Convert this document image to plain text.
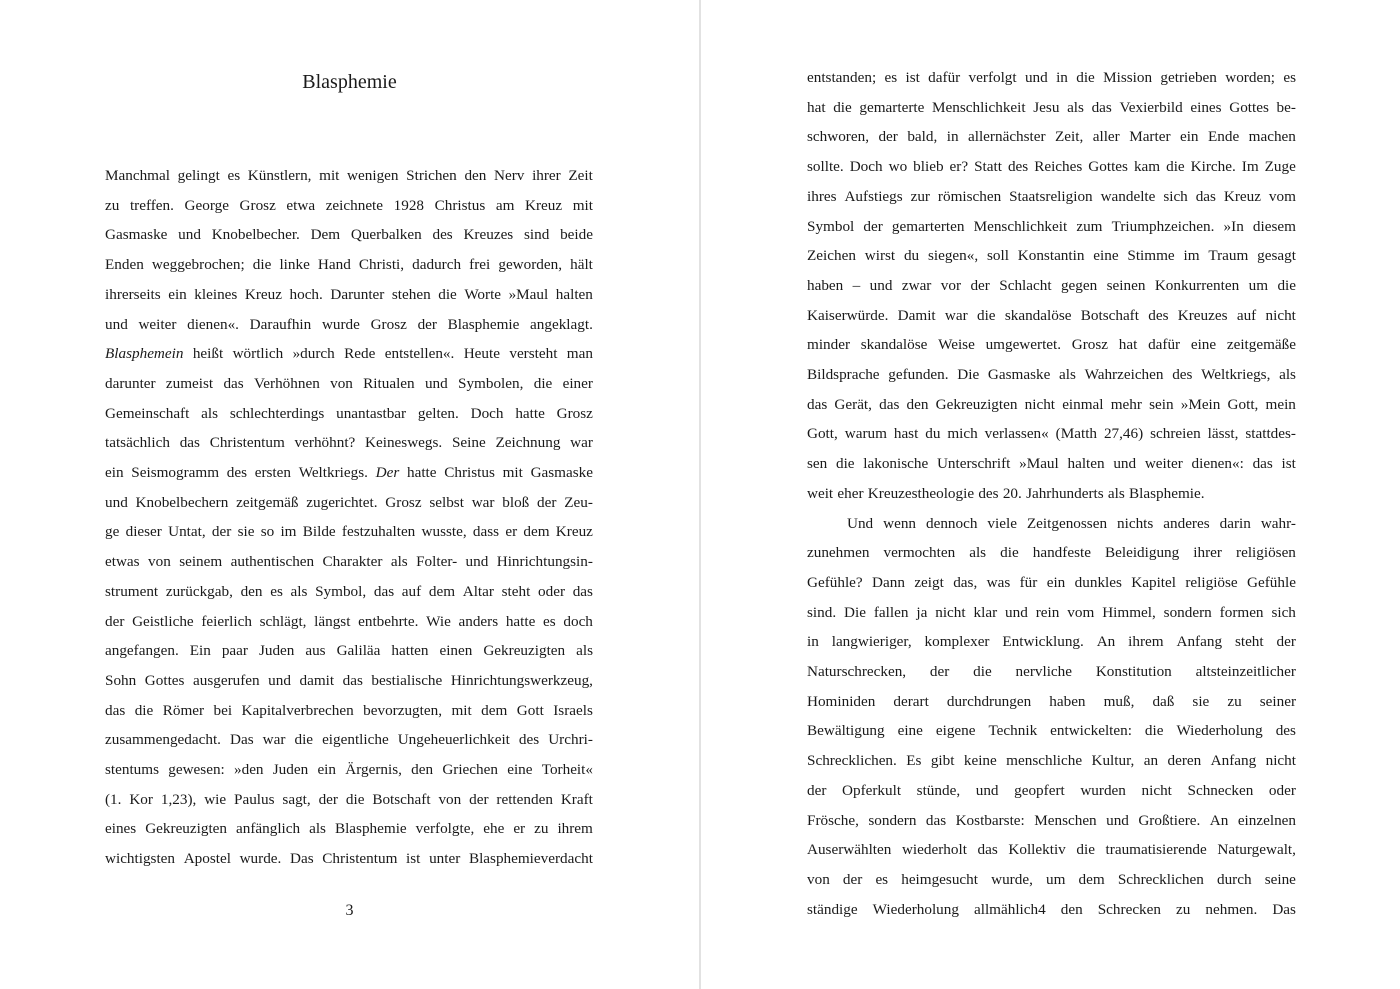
Blasphemie
Manchmal gelingt es Künstlern, mit wenigen Strichen den Nerv ihrer Zeit
zu treffen. George Grosz etwa zeichnete 1928 Christus am Kreuz mit
Gasmaske und Knobelbecher. Dem Querbalken des Kreuzes sind beide
Enden weggebrochen; die linke Hand Christi, dadurch frei geworden, hält
ihrerseits ein kleines Kreuz hoch. Darunter stehen die Worte »Maul halten
und weiter dienen«. Daraufhin wurde Grosz der Blasphemie angeklagt.
Blasphemein heißt wörtlich »durch Rede entstellen«. Heute versteht man
darunter zumeist das Verhöhnen von Ritualen und Symbolen, die einer
Gemeinschaft als schlechterdings unantastbar gelten. Doch hatte Grosz
tatsächlich das Christentum verhöhnt? Keineswegs. Seine Zeichnung war
ein Seismogramm des ersten Weltkriegs. Der hatte Christus mit Gasmaske
und Knobelbechern zeitgemäß zugerichtet. Grosz selbst war bloß der Zeu-
ge dieser Untat, der sie so im Bilde festzuhalten wusste, dass er dem Kreuz
etwas von seinem authentischen Charakter als Folter- und Hinrichtungsin-
strument zurückgab, den es als Symbol, das auf dem Altar steht oder das
der Geistliche feierlich schlägt, längst entbehrte. Wie anders hatte es doch
angefangen. Ein paar Juden aus Galiläa hatten einen Gekreuzigten als
Sohn Gottes ausgerufen und damit das bestialische Hinrichtungswerkzeug,
das die Römer bei Kapitalverbrechen bevorzugten, mit dem Gott Israels
zusammengedacht. Das war die eigentliche Ungeheuerlichkeit des Urchri-
stentums gewesen: »den Juden ein Ärgernis, den Griechen eine Torheit«
(1. Kor 1,23), wie Paulus sagt, der die Botschaft von der rettenden Kraft
eines Gekreuzigten anfänglich als Blasphemie verfolgte, ehe er zu ihrem
wichtigsten Apostel wurde. Das Christentum ist unter Blasphemieverdacht
3
entstanden; es ist dafür verfolgt und in die Mission getrieben worden; es
hat die gemarterte Menschlichkeit Jesu als das Vexierbild eines Gottes be-
schworen, der bald, in allernächster Zeit, aller Marter ein Ende machen
sollte. Doch wo blieb er? Statt des Reiches Gottes kam die Kirche. Im Zuge
ihres Aufstiegs zur römischen Staatsreligion wandelte sich das Kreuz vom
Symbol der gemarterten Menschlichkeit zum Triumphzeichen. »In diesem
Zeichen wirst du siegen«, soll Konstantin eine Stimme im Traum gesagt
haben – und zwar vor der Schlacht gegen seinen Konkurrenten um die
Kaiserwürde. Damit war die skandalöse Botschaft des Kreuzes auf nicht
minder skandalöse Weise umgewertet. Grosz hat dafür eine zeitgemäße
Bildsprache gefunden. Die Gasmaske als Wahrzeichen des Weltkriegs, als
das Gerät, das den Gekreuzigten nicht einmal mehr sein »Mein Gott, mein
Gott, warum hast du mich verlassen« (Matth 27,46) schreien lässt, stattdes-
sen die lakonische Unterschrift »Maul halten und weiter dienen«: das ist
weit eher Kreuzestheologie des 20. Jahrhunderts als Blasphemie.
Und wenn dennoch viele Zeitgenossen nichts anderes darin wahr-
zunehmen vermochten als die handfeste Beleidigung ihrer religiösen
Gefühle? Dann zeigt das, was für ein dunkles Kapitel religiöse Gefühle
sind. Die fallen ja nicht klar und rein vom Himmel, sondern formen sich
in langwieriger, komplexer Entwicklung. An ihrem Anfang steht der
Naturschrecken, der die nervliche Konstitution altsteinzeitlicher
Hominiden derart durchdrungen haben muß, daß sie zu seiner
Bewältigung eine eigene Technik entwickelten: die Wiederholung des
Schrecklichen. Es gibt keine menschliche Kultur, an deren Anfang nicht
der Opferkult stünde, und geopfert wurden nicht Schnecken oder
Frösche, sondern das Kostbarste: Menschen und Großtiere. An einzelnen
Auserwählten wiederholt das Kollektiv die traumatisierende Naturgewalt,
von der es heimgesucht wurde, um dem Schrecklichen durch seine
ständige Wiederholung allmählich4 den Schrecken zu nehmen. Das
